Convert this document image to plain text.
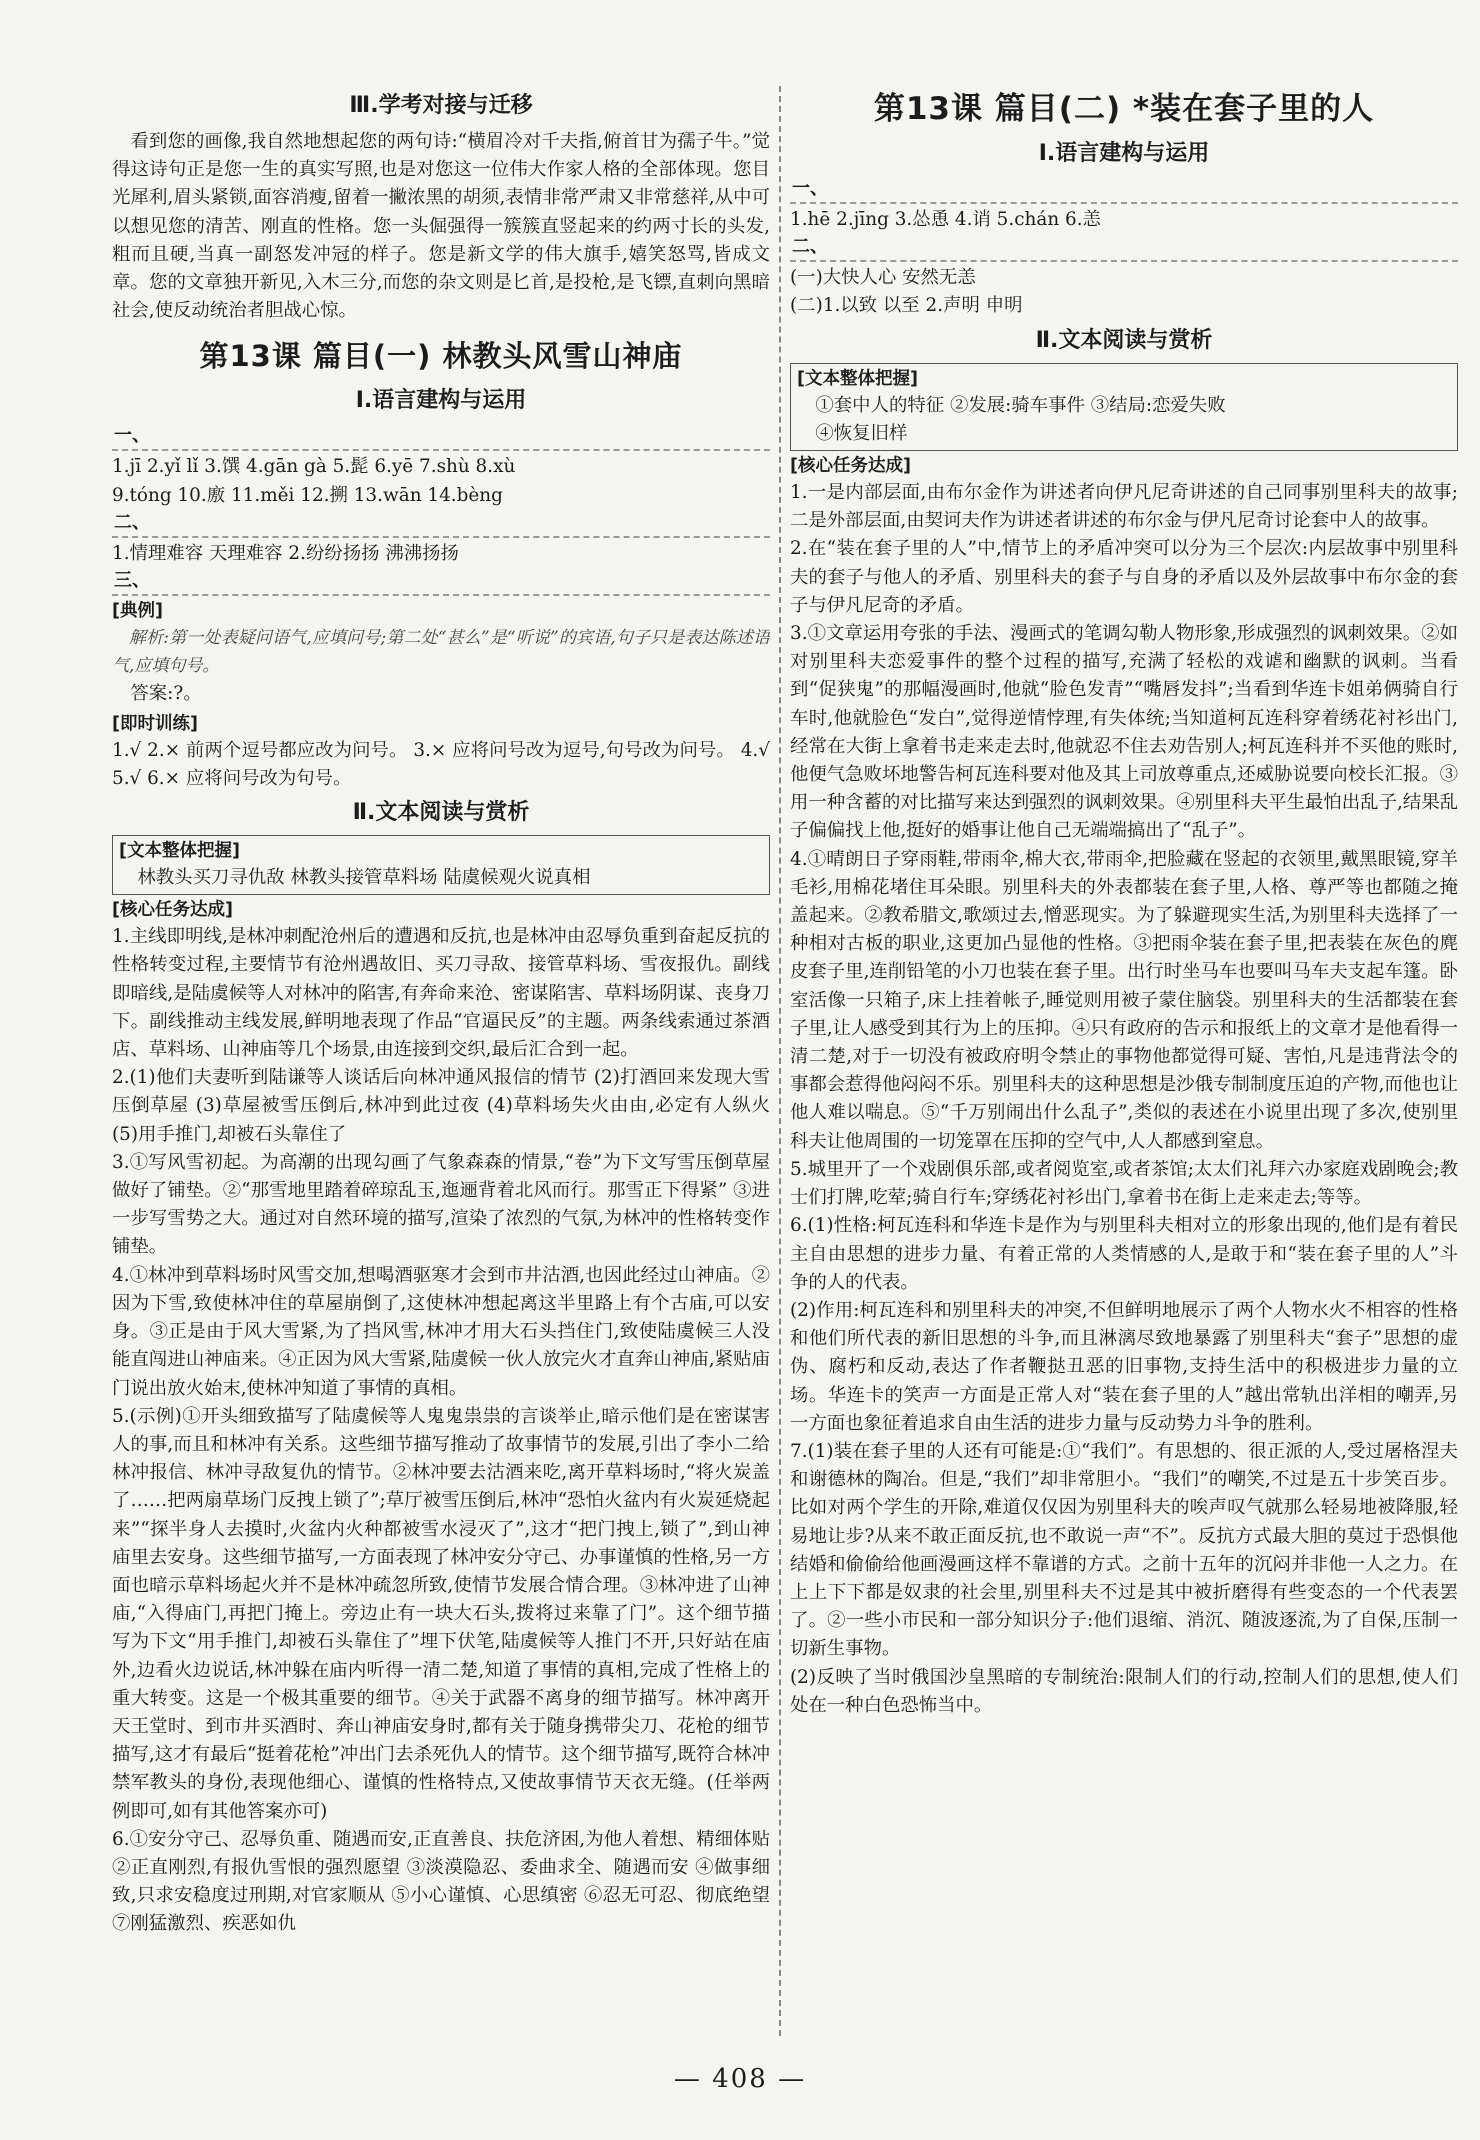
Ⅲ.学考对接与迁移

看到您的画像,我自然地想起您的两句诗:“横眉冷对千夫指,俯首甘为孺子牛。”觉得这诗句正是您一生的真实写照,也是对您这一位伟大作家人格的全部体现。您目光犀利,眉头紧锁,面容消瘦,留着一撇浓黑的胡须,表情非常严肃又非常慈祥,从中可以想见您的清苦、刚直的性格。您一头倔强得一簇簇直竖起来的约两寸长的头发,粗而且硬,当真一副怒发冲冠的样子。您是新文学的伟大旗手,嬉笑怒骂,皆成文章。您的文章独开新见,入木三分,而您的杂文则是匕首,是投枪,是飞镖,直刺向黑暗社会,使反动统治者胆战心惊。

第13课 篇目(一) 林教头风雪山神庙
Ⅰ.语言建构与运用
一、

1.jī 2.yǐ lǐ 3.馔 4.gān gà 5.髭 6.yē 7.shù 8.xù

9.tóng 10.廒 11.měi 12.搠 13.wān 14.bèng

二、

1.情理难容 天理难容 2.纷纷扬扬 沸沸扬扬

三、
[典例]

解析:第一处表疑问语气,应填问号;第二处“甚么”是“听说”的宾语,句子只是表达陈述语气,应填句号。

答案:?。

[即时训练]

1.√ 2.× 前两个逗号都应改为问号。 3.× 应将问号改为逗号,句号改为问号。 4.√ 5.√ 6.× 应将问号改为句号。

Ⅱ.文本阅读与赏析
[文本整体把握]

林教头买刀寻仇敌 林教头接管草料场 陆虞候观火说真相

[核心任务达成]

1.主线即明线,是林冲刺配沧州后的遭遇和反抗,也是林冲由忍辱负重到奋起反抗的性格转变过程,主要情节有沧州遇故旧、买刀寻敌、接管草料场、雪夜报仇。副线即暗线,是陆虞候等人对林冲的陷害,有奔命来沧、密谋陷害、草料场阴谋、丧身刀下。副线推动主线发展,鲜明地表现了作品“官逼民反”的主题。两条线索通过茶酒店、草料场、山神庙等几个场景,由连接到交织,最后汇合到一起。

2.(1)他们夫妻听到陆谦等人谈话后向林冲通风报信的情节 (2)打酒回来发现大雪压倒草屋 (3)草屋被雪压倒后,林冲到此过夜 (4)草料场失火由由,必定有人纵火 (5)用手推门,却被石头靠住了

3.①写风雪初起。为高潮的出现勾画了气象森森的情景,“卷”为下文写雪压倒草屋做好了铺垫。②“那雪地里踏着碎琼乱玉,迤逦背着北风而行。那雪正下得紧” ③进一步写雪势之大。通过对自然环境的描写,渲染了浓烈的气氛,为林冲的性格转变作铺垫。

4.①林冲到草料场时风雪交加,想喝酒驱寒才会到市井沽酒,也因此经过山神庙。②因为下雪,致使林冲住的草屋崩倒了,这使林冲想起离这半里路上有个古庙,可以安身。③正是由于风大雪紧,为了挡风雪,林冲才用大石头挡住门,致使陆虞候三人没能直闯进山神庙来。④正因为风大雪紧,陆虞候一伙人放完火才直奔山神庙,紧贴庙门说出放火始末,使林冲知道了事情的真相。

5.(示例)①开头细致描写了陆虞候等人鬼鬼祟祟的言谈举止,暗示他们是在密谋害人的事,而且和林冲有关系。这些细节描写推动了故事情节的发展,引出了李小二给林冲报信、林冲寻敌复仇的情节。②林冲要去沽酒来吃,离开草料场时,“将火炭盖了……把两扇草场门反拽上锁了”;草厅被雪压倒后,林冲“恐怕火盆内有火炭延烧起来”“探半身人去摸时,火盆内火种都被雪水浸灭了”,这才“把门拽上,锁了”,到山神庙里去安身。这些细节描写,一方面表现了林冲安分守己、办事谨慎的性格,另一方面也暗示草料场起火并不是林冲疏忽所致,使情节发展合情合理。③林冲进了山神庙,“入得庙门,再把门掩上。旁边止有一块大石头,拨将过来靠了门”。这个细节描写为下文“用手推门,却被石头靠住了”埋下伏笔,陆虞候等人推门不开,只好站在庙外,边看火边说话,林冲躲在庙内听得一清二楚,知道了事情的真相,完成了性格上的重大转变。这是一个极其重要的细节。④关于武器不离身的细节描写。林冲离开天王堂时、到市井买酒时、奔山神庙安身时,都有关于随身携带尖刀、花枪的细节描写,这才有最后“挺着花枪”冲出门去杀死仇人的情节。这个细节描写,既符合林冲禁军教头的身份,表现他细心、谨慎的性格特点,又使故事情节天衣无缝。(任举两例即可,如有其他答案亦可)

6.①安分守己、忍辱负重、随遇而安,正直善良、扶危济困,为他人着想、精细体贴 ②正直刚烈,有报仇雪恨的强烈愿望 ③淡漠隐忍、委曲求全、随遇而安 ④做事细致,只求安稳度过刑期,对官家顺从 ⑤小心谨慎、心思缜密 ⑥忍无可忍、彻底绝望 ⑦刚猛激烈、疾恶如仇

第13课 篇目(二) *装在套子里的人
Ⅰ.语言建构与运用
一、

1.hē 2.jīng 3.怂恿 4.诮 5.chán 6.恙

二、

(一)大快人心 安然无恙

(二)1.以致 以至 2.声明 申明

Ⅱ.文本阅读与赏析
[文本整体把握]

①套中人的特征 ②发展:骑车事件 ③结局:恋爱失败

④恢复旧样

[核心任务达成]

1.一是内部层面,由布尔金作为讲述者向伊凡尼奇讲述的自己同事别里科夫的故事;二是外部层面,由契诃夫作为讲述者讲述的布尔金与伊凡尼奇讨论套中人的故事。

2.在“装在套子里的人”中,情节上的矛盾冲突可以分为三个层次:内层故事中别里科夫的套子与他人的矛盾、别里科夫的套子与自身的矛盾以及外层故事中布尔金的套子与伊凡尼奇的矛盾。

3.①文章运用夸张的手法、漫画式的笔调勾勒人物形象,形成强烈的讽刺效果。②如对别里科夫恋爱事件的整个过程的描写,充满了轻松的戏谑和幽默的讽刺。当看到“促狭鬼”的那幅漫画时,他就“脸色发青”“嘴唇发抖”;当看到华连卡姐弟俩骑自行车时,他就脸色“发白”,觉得逆情悖理,有失体统;当知道柯瓦连科穿着绣花衬衫出门,经常在大街上拿着书走来走去时,他就忍不住去劝告别人;柯瓦连科并不买他的账时,他便气急败坏地警告柯瓦连科要对他及其上司放尊重点,还威胁说要向校长汇报。③用一种含蓄的对比描写来达到强烈的讽刺效果。④别里科夫平生最怕出乱子,结果乱子偏偏找上他,挺好的婚事让他自己无端端搞出了“乱子”。

4.①晴朗日子穿雨鞋,带雨伞,棉大衣,带雨伞,把脸藏在竖起的衣领里,戴黑眼镜,穿羊毛衫,用棉花堵住耳朵眼。别里科夫的外表都装在套子里,人格、尊严等也都随之掩盖起来。②教希腊文,歌颂过去,憎恶现实。为了躲避现实生活,为别里科夫选择了一种相对古板的职业,这更加凸显他的性格。③把雨伞装在套子里,把表装在灰色的麂皮套子里,连削铅笔的小刀也装在套子里。出行时坐马车也要叫马车夫支起车篷。卧室活像一只箱子,床上挂着帐子,睡觉则用被子蒙住脑袋。别里科夫的生活都装在套子里,让人感受到其行为上的压抑。④只有政府的告示和报纸上的文章才是他看得一清二楚,对于一切没有被政府明令禁止的事物他都觉得可疑、害怕,凡是违背法令的事都会惹得他闷闷不乐。别里科夫的这种思想是沙俄专制制度压迫的产物,而他也让他人难以喘息。⑤“千万别闹出什么乱子”,类似的表述在小说里出现了多次,使别里科夫让他周围的一切笼罩在压抑的空气中,人人都感到窒息。

5.城里开了一个戏剧俱乐部,或者阅览室,或者茶馆;太太们礼拜六办家庭戏剧晚会;教士们打牌,吃荤;骑自行车;穿绣花衬衫出门,拿着书在街上走来走去;等等。

6.(1)性格:柯瓦连科和华连卡是作为与别里科夫相对立的形象出现的,他们是有着民主自由思想的进步力量、有着正常的人类情感的人,是敢于和“装在套子里的人”斗争的人的代表。

(2)作用:柯瓦连科和别里科夫的冲突,不但鲜明地展示了两个人物水火不相容的性格和他们所代表的新旧思想的斗争,而且淋漓尽致地暴露了别里科夫“套子”思想的虚伪、腐朽和反动,表达了作者鞭挞丑恶的旧事物,支持生活中的积极进步力量的立场。华连卡的笑声一方面是正常人对“装在套子里的人”越出常轨出洋相的嘲弄,另一方面也象征着追求自由生活的进步力量与反动势力斗争的胜利。

7.(1)装在套子里的人还有可能是:①“我们”。有思想的、很正派的人,受过屠格涅夫和谢德林的陶冶。但是,“我们”却非常胆小。“我们”的嘲笑,不过是五十步笑百步。比如对两个学生的开除,难道仅仅因为别里科夫的唉声叹气就那么轻易地被降服,轻易地让步?从来不敢正面反抗,也不敢说一声“不”。反抗方式最大胆的莫过于恐惧他结婚和偷偷给他画漫画这样不靠谱的方式。之前十五年的沉闷并非他一人之力。在上上下下都是奴隶的社会里,别里科夫不过是其中被折磨得有些变态的一个代表罢了。②一些小市民和一部分知识分子:他们退缩、消沉、随波逐流,为了自保,压制一切新生事物。

(2)反映了当时俄国沙皇黑暗的专制统治:限制人们的行动,控制人们的思想,使人们处在一种白色恐怖当中。

— 408 —
